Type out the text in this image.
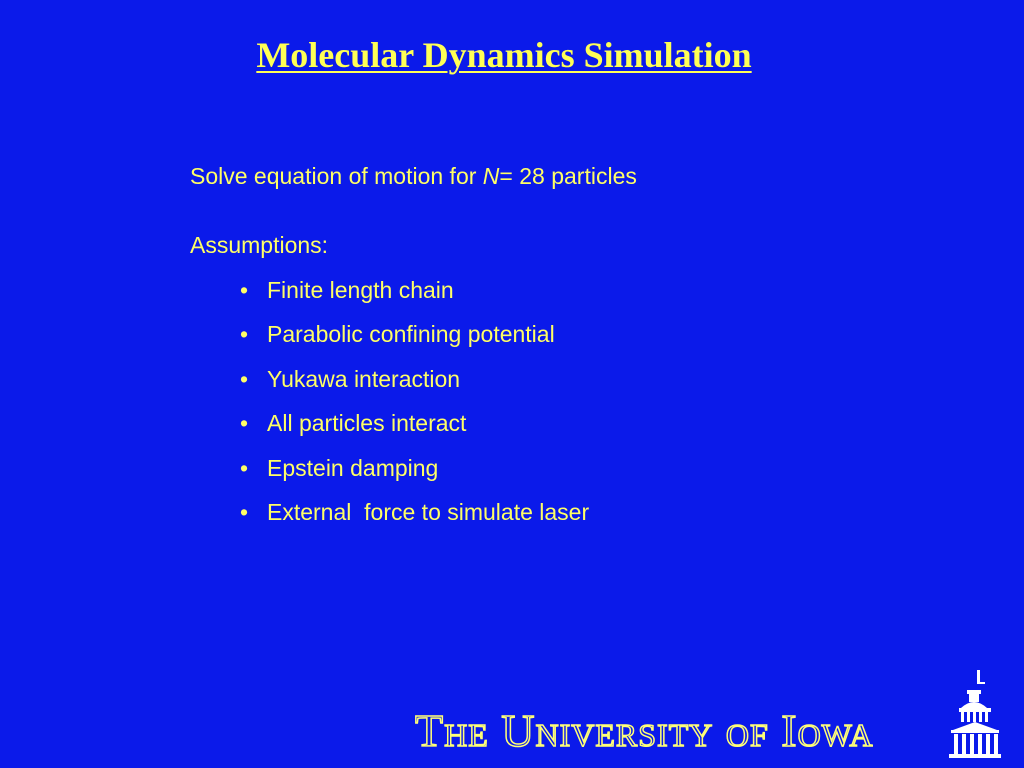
Molecular Dynamics Simulation
Solve equation of motion for N= 28 particles
Assumptions:
• Finite length chain
• Parabolic confining potential
• Yukawa interaction
• All particles interact
• Epstein damping
• External  force to simulate laser
The University of Iowa
